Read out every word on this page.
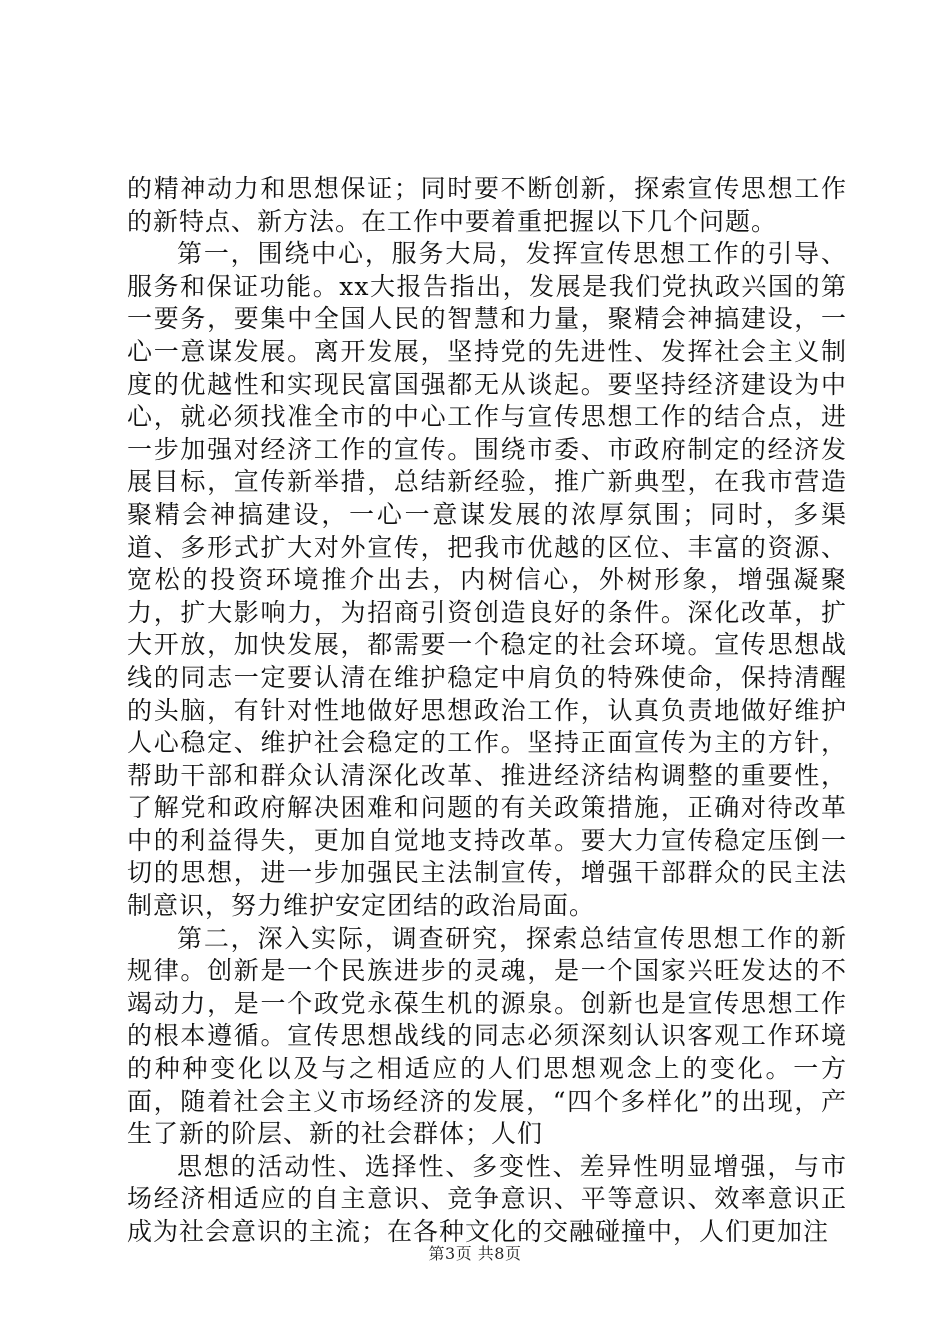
的精神动力和思想保证；同时要不断创新，探索宣传思想工作的新特点、新方法。在工作中要着重把握以下几个问题。

第一，围绕中心，服务大局，发挥宣传思想工作的引导、服务和保证功能。xx大报告指出，发展是我们党执政兴国的第一要务，要集中全国人民的智慧和力量，聚精会神搞建设，一心一意谋发展。离开发展，坚持党的先进性、发挥社会主义制度的优越性和实现民富国强都无从谈起。要坚持经济建设为中心，就必须找准全市的中心工作与宣传思想工作的结合点，进一步加强对经济工作的宣传。围绕市委、市政府制定的经济发展目标，宣传新举措，总结新经验，推广新典型，在我市营造聚精会神搞建设，一心一意谋发展的浓厚氛围；同时，多渠道、多形式扩大对外宣传，把我市优越的区位、丰富的资源、宽松的投资环境推介出去，内树信心，外树形象，增强凝聚力，扩大影响力，为招商引资创造良好的条件。深化改革，扩大开放，加快发展，都需要一个稳定的社会环境。宣传思想战线的同志一定要认清在维护稳定中肩负的特殊使命，保持清醒的头脑，有针对性地做好思想政治工作，认真负责地做好维护人心稳定、维护社会稳定的工作。坚持正面宣传为主的方针，帮助干部和群众认清深化改革、推进经济结构调整的重要性，了解党和政府解决困难和问题的有关政策措施，正确对待改革中的利益得失，更加自觉地支持改革。要大力宣传稳定压倒一切的思想，进一步加强民主法制宣传，增强干部群众的民主法制意识，努力维护安定团结的政治局面。

第二，深入实际，调查研究，探索总结宣传思想工作的新规律。创新是一个民族进步的灵魂，是一个国家兴旺发达的不竭动力，是一个政党永葆生机的源泉。创新也是宣传思想工作的根本遵循。宣传思想战线的同志必须深刻认识客观工作环境的种种变化以及与之相适应的人们思想观念上的变化。一方面，随着社会主义市场经济的发展，“四个多样化”的出现，产生了新的阶层、新的社会群体；人们

思想的活动性、选择性、多变性、差异性明显增强，与市场经济相适应的自主意识、竞争意识、平等意识、效率意识正成为社会意识的主流；在各种文化的交融碰撞中，人们更加注

第3页 共8页
